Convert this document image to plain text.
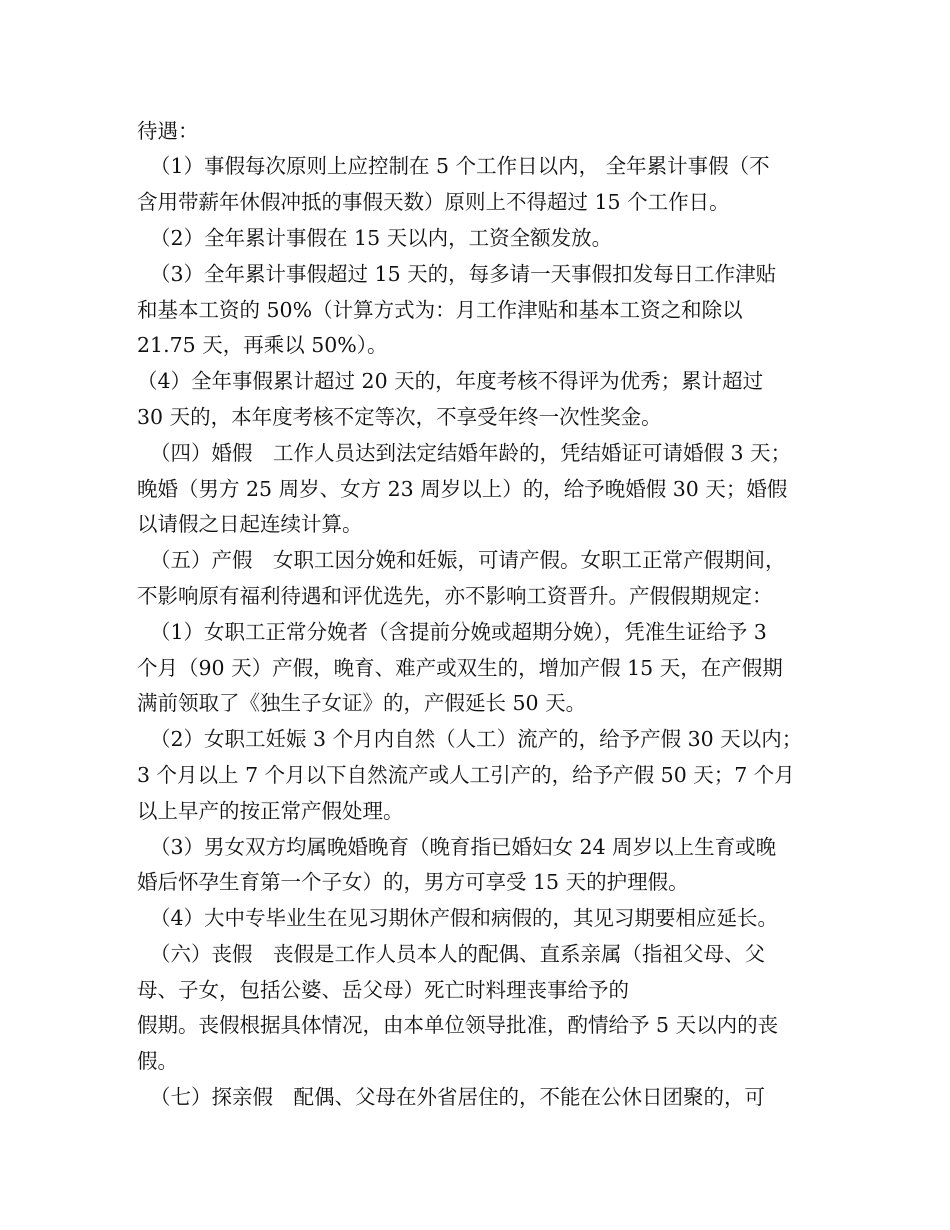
待遇：
（1）事假每次原则上应控制在 5 个工作日以内， 全年累计事假（不
含用带薪年休假冲抵的事假天数）原则上不得超过 15 个工作日。
（2）全年累计事假在 15 天以内，工资全额发放。
（3）全年累计事假超过 15 天的，每多请一天事假扣发每日工作津贴
和基本工资的 50%（计算方式为：月工作津贴和基本工资之和除以
21.75 天，再乘以 50%）。
（4）全年事假累计超过 20 天的，年度考核不得评为优秀；累计超过
30 天的，本年度考核不定等次，不享受年终一次性奖金。
（四）婚假　工作人员达到法定结婚年龄的，凭结婚证可请婚假 3 天；
晚婚（男方 25 周岁、女方 23 周岁以上）的，给予晚婚假 30 天；婚假
以请假之日起连续计算。
（五）产假　女职工因分娩和妊娠，可请产假。女职工正常产假期间，
不影响原有福利待遇和评优选先，亦不影响工资晋升。产假假期规定：
（1）女职工正常分娩者（含提前分娩或超期分娩），凭准生证给予 3
个月（90 天）产假，晚育、难产或双生的，增加产假 15 天，在产假期
满前领取了《独生子女证》的，产假延长 50 天。
（2）女职工妊娠 3 个月内自然（人工）流产的，给予产假 30 天以内；
3 个月以上 7 个月以下自然流产或人工引产的，给予产假 50 天；7 个月
以上早产的按正常产假处理。
（3）男女双方均属晚婚晚育（晚育指已婚妇女 24 周岁以上生育或晚
婚后怀孕生育第一个子女）的，男方可享受 15 天的护理假。
（4）大中专毕业生在见习期休产假和病假的，其见习期要相应延长。
（六）丧假　丧假是工作人员本人的配偶、直系亲属（指祖父母、父
母、子女，包括公婆、岳父母）死亡时料理丧事给予的
假期。丧假根据具体情况，由本单位领导批准，酌情给予 5 天以内的丧
假。
（七）探亲假　配偶、父母在外省居住的，不能在公休日团聚的，可
